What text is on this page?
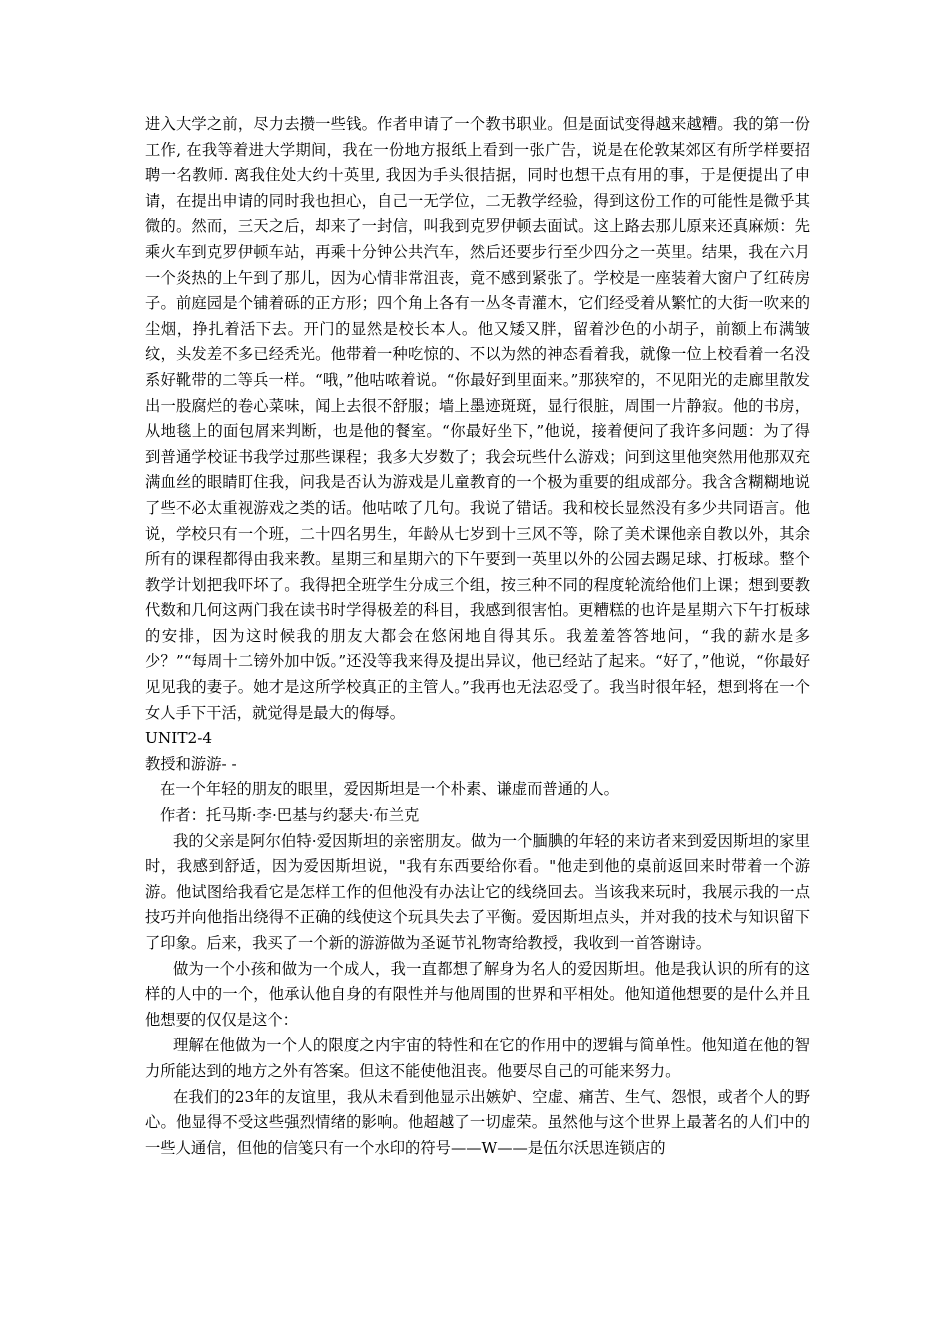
进入大学之前，尽力去攒一些钱。作者申请了一个教书职业。但是面试变得越来越糟。我的第一份工作, 在我等着进大学期间，我在一份地方报纸上看到一张广告，说是在伦敦某郊区有所学样要招聘一名教师. 离我住处大约十英里, 我因为手头很拮据，同时也想干点有用的事，于是便提出了申请，在提出申请的同时我也担心，自己一无学位，二无教学经验，得到这份工作的可能性是微乎其微的。然而，三天之后，却来了一封信，叫我到克罗伊顿去面试。这上路去那儿原来还真麻烦：先乘火车到克罗伊顿车站，再乘十分钟公共汽车，然后还要步行至少四分之一英里。结果，我在六月一个炎热的上午到了那儿，因为心情非常沮丧，竟不感到紧张了。学校是一座装着大窗户了红砖房子。前庭园是个铺着砾的正方形；四个角上各有一丛冬青灌木，它们经受着从繁忙的大街一吹来的尘烟，挣扎着活下去。开门的显然是校长本人。他又矮又胖，留着沙色的小胡子，前额上布满皱纹，头发差不多已经秃光。他带着一种吃惊的、不以为然的神态看着我，就像一位上校看着一名没系好靴带的二等兵一样。“哦，”他咕哝着说。“你最好到里面来。”那狭窄的，不见阳光的走廊里散发出一股腐烂的卷心菜味，闻上去很不舒服；墙上墨迹斑斑，显行很脏，周围一片静寂。他的书房，从地毯上的面包屑来判断，也是他的餐室。“你最好坐下，”他说，接着便问了我许多问题：为了得到普通学校证书我学过那些课程；我多大岁数了；我会玩些什么游戏；问到这里他突然用他那双充满血丝的眼睛盯住我，问我是否认为游戏是儿童教育的一个极为重要的组成部分。我含含糊糊地说了些不必太重视游戏之类的话。他咕哝了几句。我说了错话。我和校长显然没有多少共同语言。他说，学校只有一个班，二十四名男生，年龄从七岁到十三风不等，除了美术课他亲自教以外，其余所有的课程都得由我来教。星期三和星期六的下午要到一英里以外的公园去踢足球、打板球。整个教学计划把我吓坏了。我得把全班学生分成三个组，按三种不同的程度轮流给他们上课；想到要教代数和几何这两门我在读书时学得极差的科目，我感到很害怕。更糟糕的也许是星期六下午打板球的安排，因为这时候我的朋友大都会在悠闲地自得其乐。我羞羞答答地问，“我的薪水是多少？”“每周十二镑外加中饭。”还没等我来得及提出异议，他已经站了起来。“好了，”他说，“你最好见见我的妻子。她才是这所学校真正的主管人。”我再也无法忍受了。我当时很年轻，想到将在一个女人手下干活，就觉得是最大的侮辱。

UNIT2-4

教授和游游- -

在一个年轻的朋友的眼里，爱因斯坦是一个朴素、谦虚而普通的人。

作者：托马斯·李·巴基与约瑟夫·布兰克

我的父亲是阿尔伯特·爱因斯坦的亲密朋友。做为一个腼腆的年轻的来访者来到爱因斯坦的家里时，我感到舒适，因为爱因斯坦说，"我有东西要给你看。"他走到他的桌前返回来时带着一个游游。他试图给我看它是怎样工作的但他没有办法让它的线绕回去。当该我来玩时，我展示我的一点技巧并向他指出绕得不正确的线使这个玩具失去了平衡。爱因斯坦点头，并对我的技术与知识留下了印象。后来，我买了一个新的游游做为圣诞节礼物寄给教授，我收到一首答谢诗。

做为一个小孩和做为一个成人，我一直都想了解身为名人的爱因斯坦。他是我认识的所有的这样的人中的一个，他承认他自身的有限性并与他周围的世界和平相处。他知道他想要的是什么并且他想要的仅仅是这个：

理解在他做为一个人的限度之内宇宙的特性和在它的作用中的逻辑与简单性。他知道在他的智力所能达到的地方之外有答案。但这不能使他沮丧。他要尽自己的可能来努力。

在我们的23年的友谊里，我从未看到他显示出嫉妒、空虚、痛苦、生气、怨恨，或者个人的野心。他显得不受这些强烈情绪的影响。他超越了一切虚荣。虽然他与这个世界上最著名的人们中的一些人通信，但他的信笺只有一个水印的符号——W——是伍尔沃思连锁店的
